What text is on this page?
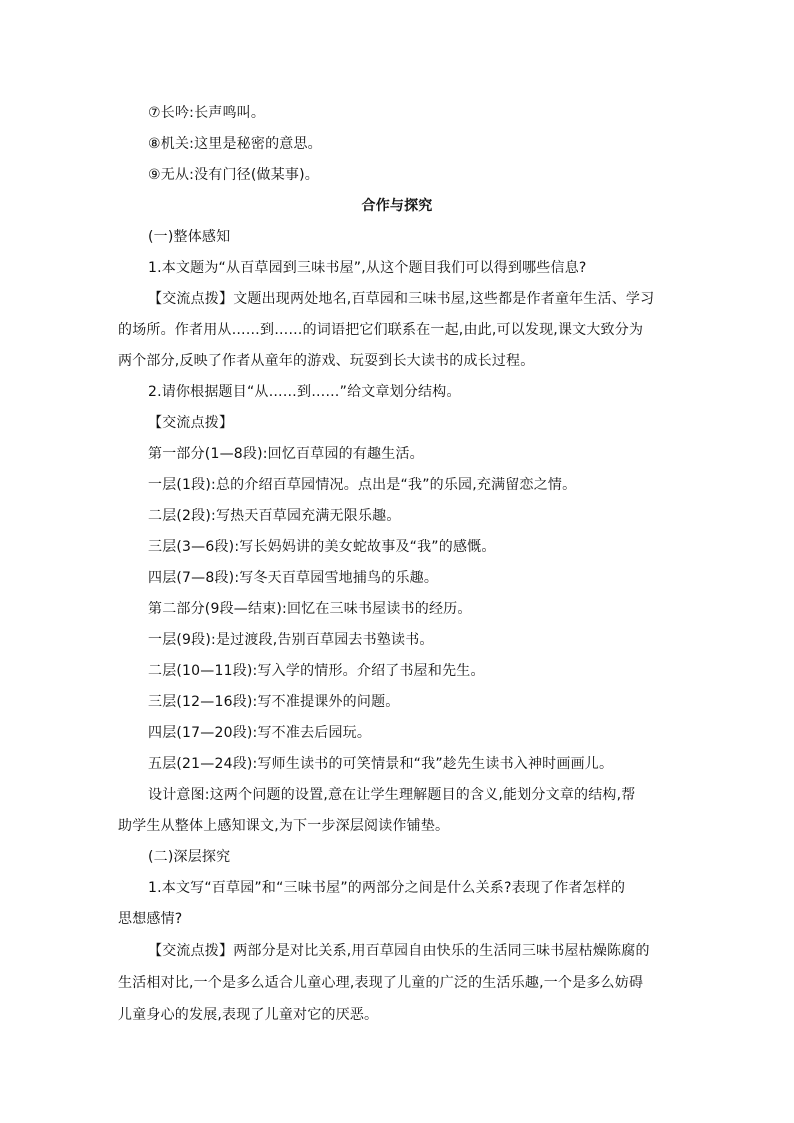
⑦长吟:长声鸣叫。
⑧机关:这里是秘密的意思。
⑨无从:没有门径(做某事)。
合作与探究
(一)整体感知
1.本文题为“从百草园到三味书屋”,从这个题目我们可以得到哪些信息?
【交流点拨】文题出现两处地名,百草园和三味书屋,这些都是作者童年生活、学习
的场所。作者用从……到……的词语把它们联系在一起,由此,可以发现,课文大致分为
两个部分,反映了作者从童年的游戏、玩耍到长大读书的成长过程。
2.请你根据题目“从……到……”给文章划分结构。
【交流点拨】
第一部分(1—8段):回忆百草园的有趣生活。
一层(1段):总的介绍百草园情况。点出是“我”的乐园,充满留恋之情。
二层(2段):写热天百草园充满无限乐趣。
三层(3—6段):写长妈妈讲的美女蛇故事及“我”的感慨。
四层(7—8段):写冬天百草园雪地捕鸟的乐趣。
第二部分(9段—结束):回忆在三味书屋读书的经历。
一层(9段):是过渡段,告别百草园去书塾读书。
二层(10—11段):写入学的情形。介绍了书屋和先生。
三层(12—16段):写不准提课外的问题。
四层(17—20段):写不准去后园玩。
五层(21—24段):写师生读书的可笑情景和“我”趁先生读书入神时画画儿。
设计意图:这两个问题的设置,意在让学生理解题目的含义,能划分文章的结构,帮
助学生从整体上感知课文,为下一步深层阅读作铺垫。
(二)深层探究
1.本文写“百草园”和“三味书屋”的两部分之间是什么关系?表现了作者怎样的
思想感情?
【交流点拨】两部分是对比关系,用百草园自由快乐的生活同三味书屋枯燥陈腐的
生活相对比,一个是多么适合儿童心理,表现了儿童的广泛的生活乐趣,一个是多么妨碍
儿童身心的发展,表现了儿童对它的厌恶。
